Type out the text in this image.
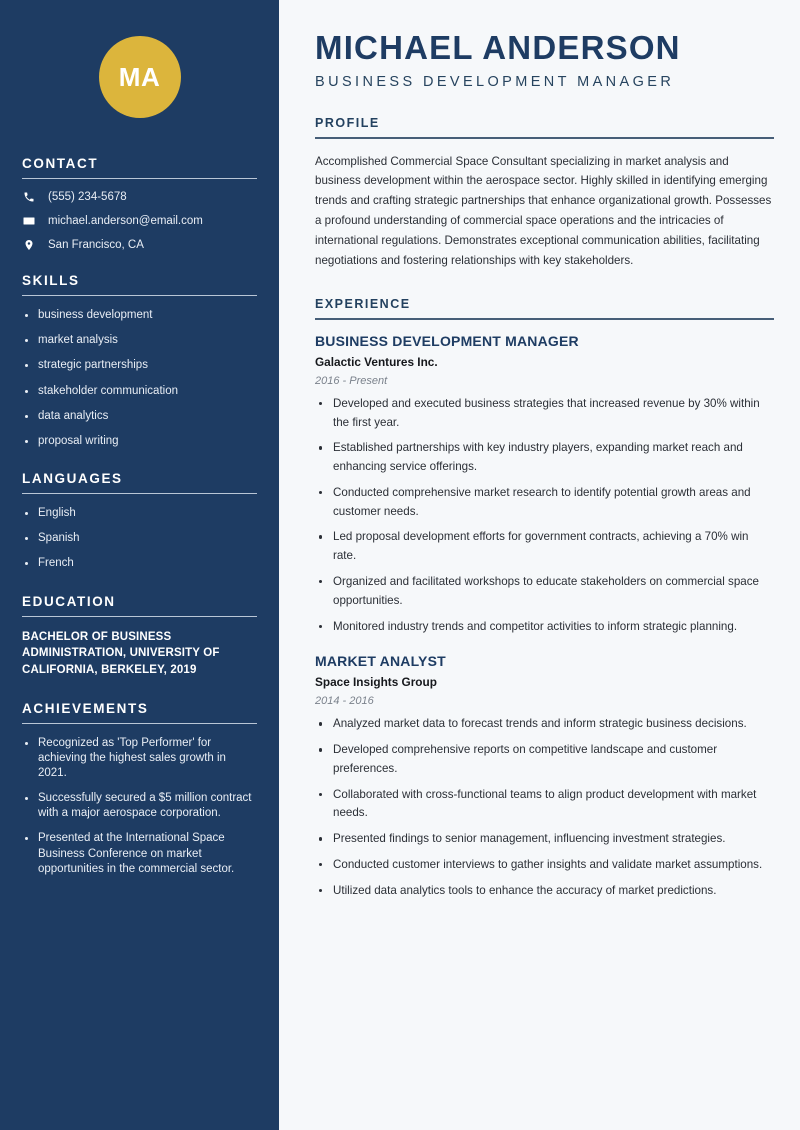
MA
CONTACT
(555) 234-5678
michael.anderson@email.com
San Francisco, CA
SKILLS
business development
market analysis
strategic partnerships
stakeholder communication
data analytics
proposal writing
LANGUAGES
English
Spanish
French
EDUCATION
BACHELOR OF BUSINESS ADMINISTRATION, UNIVERSITY OF CALIFORNIA, BERKELEY, 2019
ACHIEVEMENTS
Recognized as 'Top Performer' for achieving the highest sales growth in 2021.
Successfully secured a $5 million contract with a major aerospace corporation.
Presented at the International Space Business Conference on market opportunities in the commercial sector.
MICHAEL ANDERSON
BUSINESS DEVELOPMENT MANAGER
PROFILE

Accomplished Commercial Space Consultant specializing in market analysis and business development within the aerospace sector. Highly skilled in identifying emerging trends and crafting strategic partnerships that enhance organizational growth. Possesses a profound understanding of commercial space operations and the intricacies of international regulations. Demonstrates exceptional communication abilities, facilitating negotiations and fostering relationships with key stakeholders.

EXPERIENCE
BUSINESS DEVELOPMENT MANAGER
Galactic Ventures Inc.
2016 - Present
Developed and executed business strategies that increased revenue by 30% within the first year.
Established partnerships with key industry players, expanding market reach and enhancing service offerings.
Conducted comprehensive market research to identify potential growth areas and customer needs.
Led proposal development efforts for government contracts, achieving a 70% win rate.
Organized and facilitated workshops to educate stakeholders on commercial space opportunities.
Monitored industry trends and competitor activities to inform strategic planning.
MARKET ANALYST
Space Insights Group
2014 - 2016
Analyzed market data to forecast trends and inform strategic business decisions.
Developed comprehensive reports on competitive landscape and customer preferences.
Collaborated with cross-functional teams to align product development with market needs.
Presented findings to senior management, influencing investment strategies.
Conducted customer interviews to gather insights and validate market assumptions.
Utilized data analytics tools to enhance the accuracy of market predictions.
